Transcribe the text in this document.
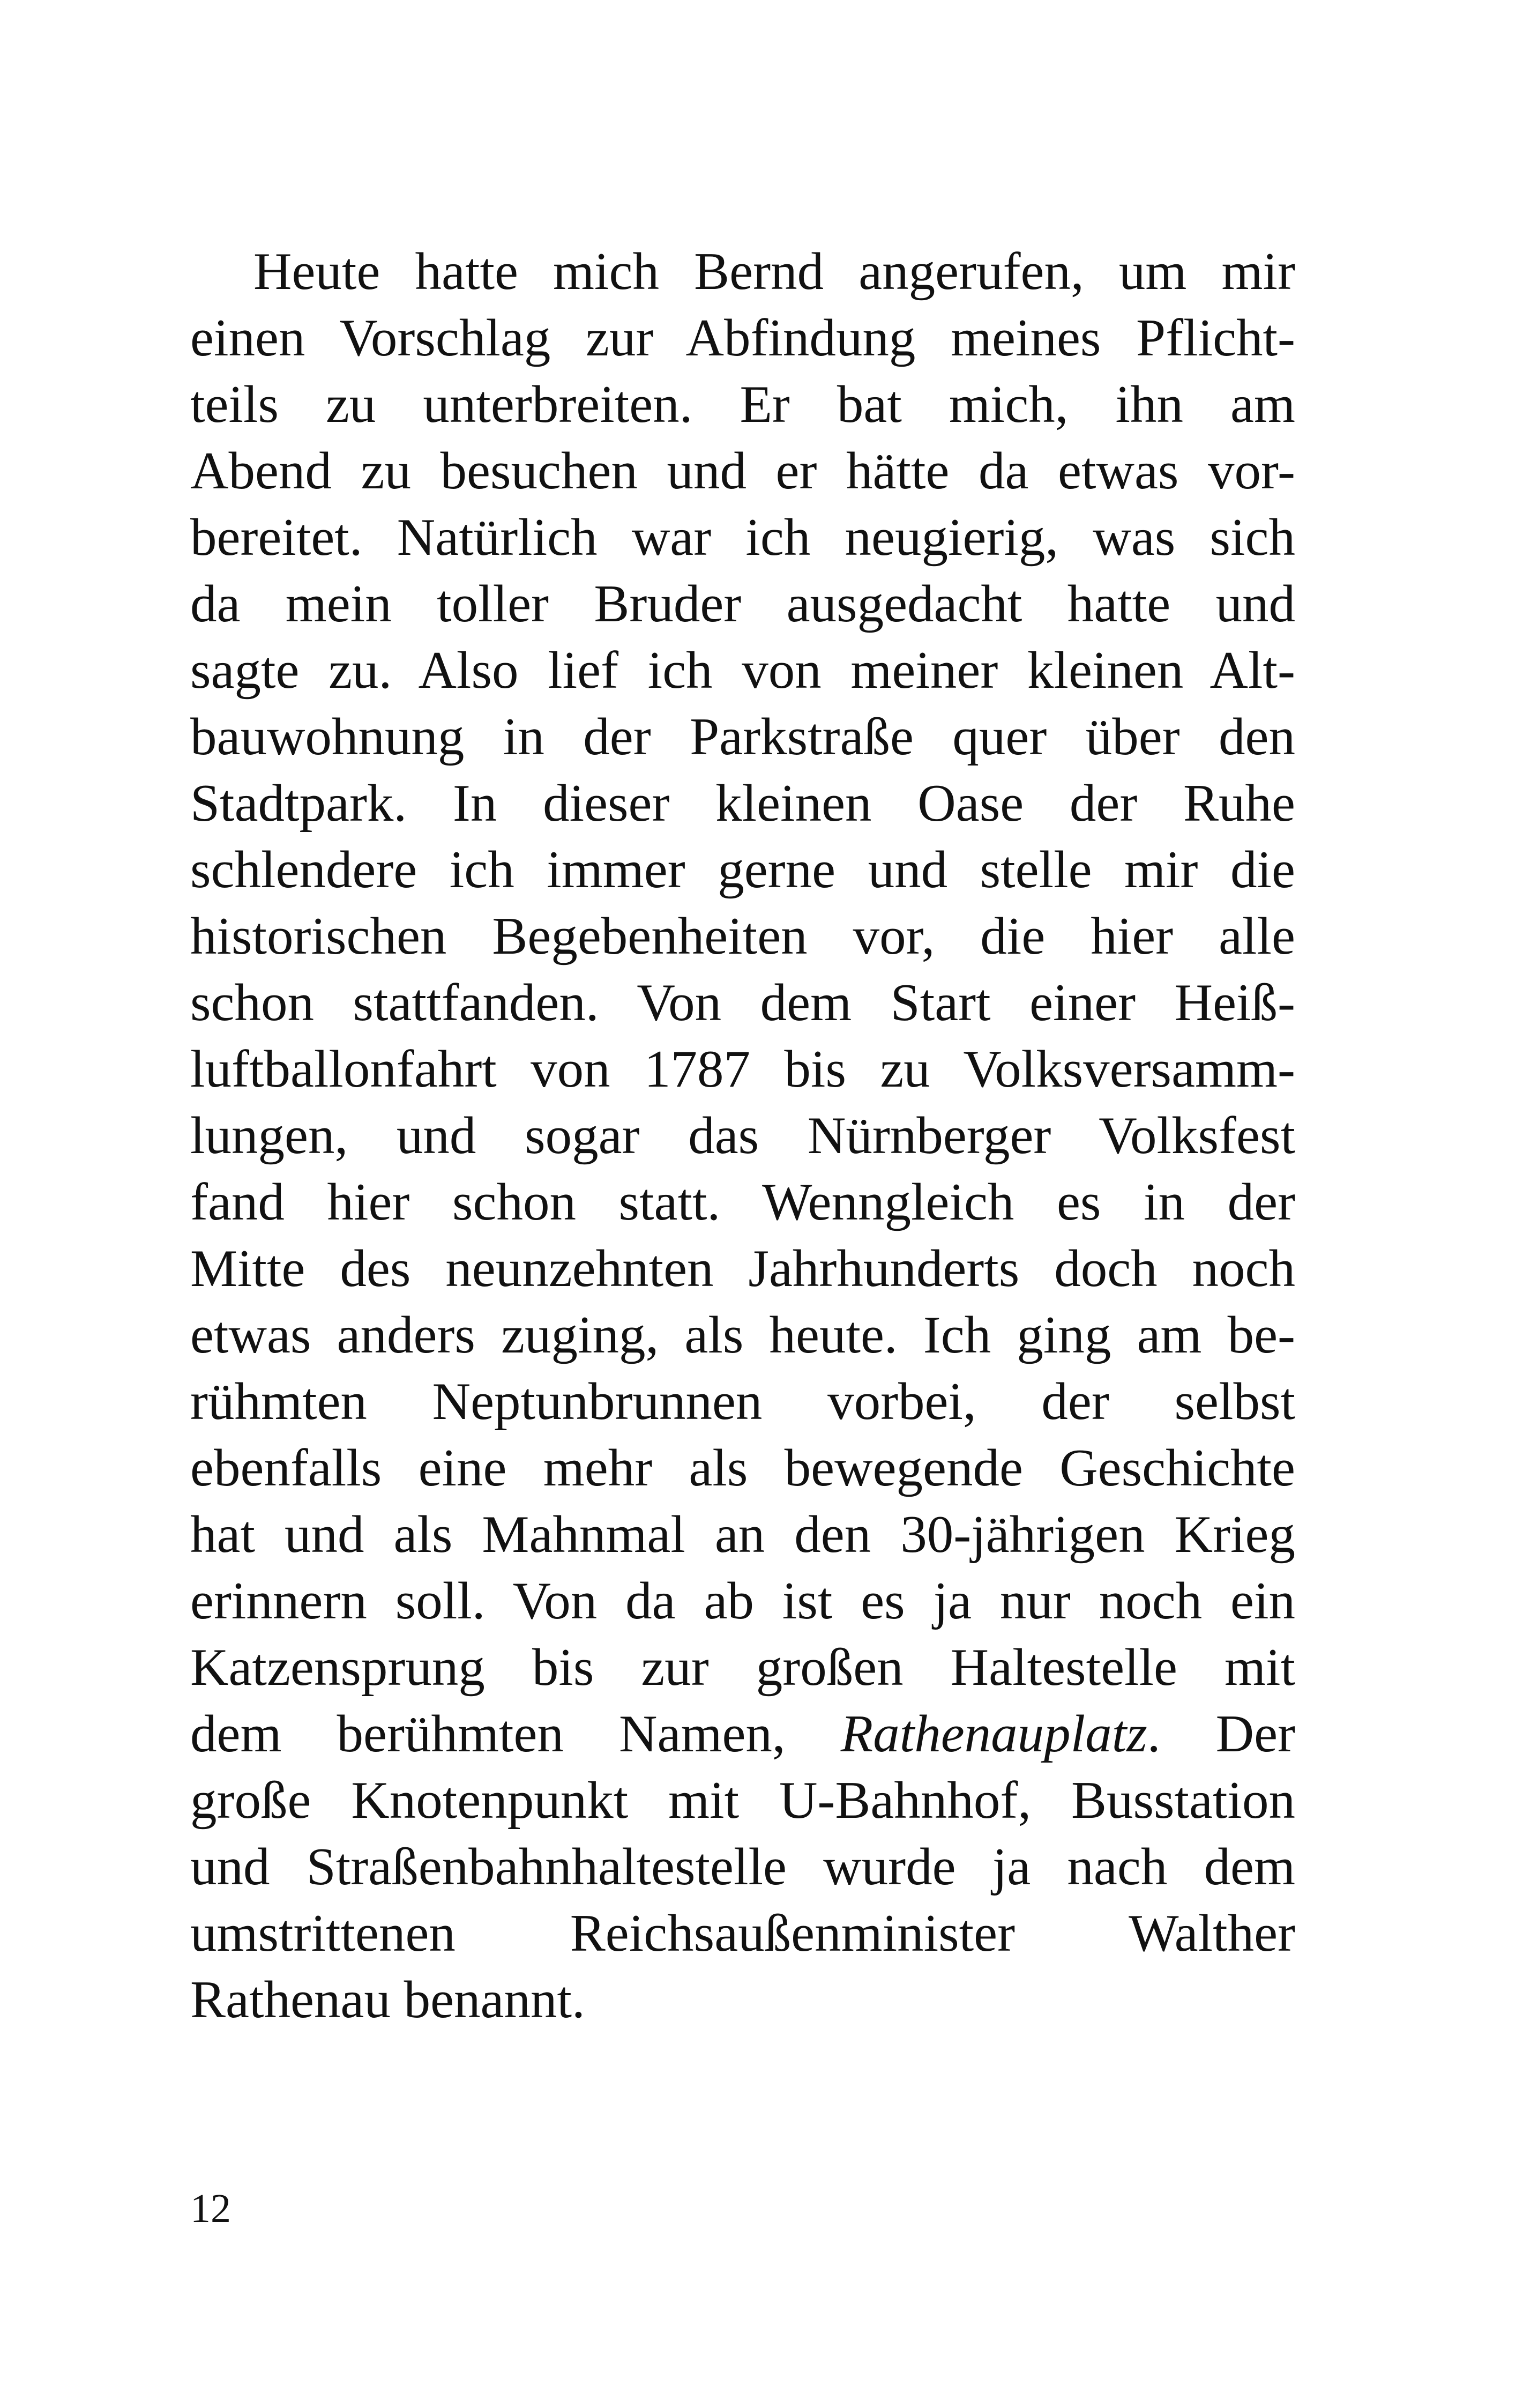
Heute hatte mich Bernd angerufen, um mir
einen Vorschlag zur Abfindung meines Pflicht-
teils zu unterbreiten. Er bat mich, ihn am
Abend zu besuchen und er hätte da etwas vor-
bereitet. Natürlich war ich neugierig, was sich
da mein toller Bruder ausgedacht hatte und
sagte zu. Also lief ich von meiner kleinen Alt-
bauwohnung in der Parkstraße quer über den
Stadtpark. In dieser kleinen Oase der Ruhe
schlendere ich immer gerne und stelle mir die
historischen Begebenheiten vor, die hier alle
schon stattfanden. Von dem Start einer Heiß-
luftballonfahrt von 1787 bis zu Volksversamm-
lungen, und sogar das Nürnberger Volksfest
fand hier schon statt. Wenngleich es in der
Mitte des neunzehnten Jahrhunderts doch noch
etwas anders zuging, als heute. Ich ging am be-
rühmten Neptunbrunnen vorbei, der selbst
ebenfalls eine mehr als bewegende Geschichte
hat und als Mahnmal an den 30-jährigen Krieg
erinnern soll. Von da ab ist es ja nur noch ein
Katzensprung bis zur großen Haltestelle mit
dem berühmten Namen, Rathenauplatz. Der
große Knotenpunkt mit U-Bahnhof, Busstation
und Straßenbahnhaltestelle wurde ja nach dem
umstrittenen Reichsaußenminister Walther
Rathenau benannt.
12
